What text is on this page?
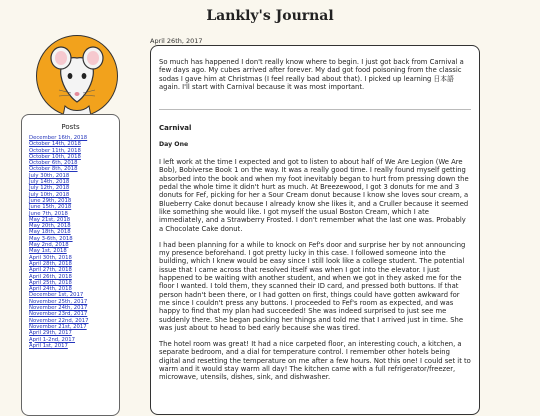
Lankly's Journal
Posts
December 16th, 2018
October 14th, 2018
October 11th, 2018
October 10th, 2018
October 6th, 2018
October 8th, 2018
July 30th, 2018
July 14th, 2018
July 12th, 2018
July 10th, 2018
June 29th, 2018
June 15th, 2018
June 7th, 2018
May 21st, 2018
May 20th, 2018
May 18th, 2018
May 3-6th, 2018
May 2nd, 2018
May 1st, 2018
April 30th, 2018
April 28th, 2018
April 27th, 2018
April 26th, 2018
April 25th, 2018
April 24th, 2018
December 1st, 2017
November 25th, 2017
November 24th, 2017
November 23rd, 2017
November 22nd, 2017
November 21st, 2017
April 29th, 2017
April 1-2nd, 2017
April 1st, 2017
April 26th, 2017

So much has happened I don't really know where to begin. I just got back from Carnival a few days ago. My cubes arrived after forever. My dad got food poisoning from the classic sodas I gave him at Christmas (I feel really bad about that). I picked up learning 日本語 again. I'll start with Carnival because it was most important.

Carnival
Day One

I left work at the time I expected and got to listen to about half of We Are Legion (We Are Bob), Bobiverse Book 1 on the way. It was a really good time. I really found myself getting absorbed into the book and when my foot inevitably began to hurt from pressing down the pedal the whole time it didn't hurt as much. At Breezewood, I got 3 donuts for me and 3 donuts for Fef, picking for her a Sour Cream donut because I know she loves sour cream, a Blueberry Cake donut because I already know she likes it, and a Cruller because it seemed like something she would like. I got myself the usual Boston Cream, which I ate immediately, and a Strawberry Frosted. I don't remember what the last one was. Probably a Chocolate Cake donut.

I had been planning for a while to knock on Fef's door and surprise her by not announcing my presence beforehand. I got pretty lucky in this case. I followed someone into the building, which I knew would be easy since I still look like a college student. The potential issue that I came across that resolved itself was when I got into the elevator. I just happened to be waiting with another student, and when we got in they asked me for the floor I wanted. I told them, they scanned their ID card, and pressed both buttons. If that person hadn't been there, or I had gotten on first, things could have gotten awkward for me since I couldn't press any buttons. I proceeded to Fef's room as expected, and was happy to find that my plan had succeeded! She was indeed surprised to just see me suddenly there. She began packing her things and told me that I arrived just in time. She was just about to head to bed early because she was tired.

The hotel room was great! It had a nice carpeted floor, an interesting couch, a kitchen, a separate bedroom, and a dial for temperature control. I remember other hotels being digital and resetting the temperature on me after a few hours. Not this one! I could set it to warm and it would stay warm all day! The kitchen came with a full refrigerator/freezer, microwave, utensils, dishes, sink, and dishwasher.
